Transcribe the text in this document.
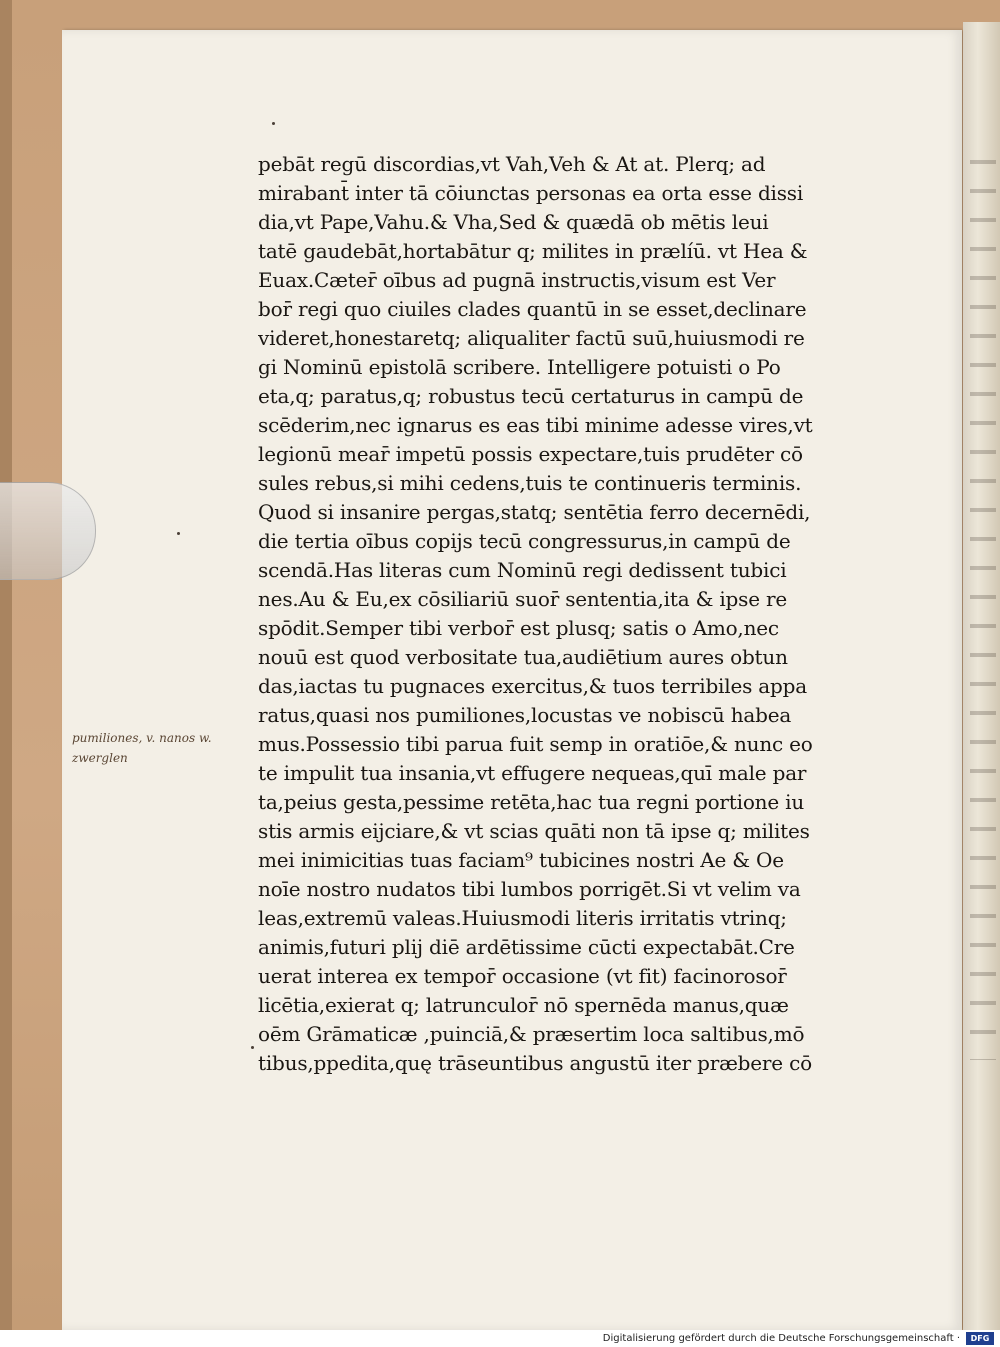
pebāt regū discordias,vt Vah,Veh & At at. Plerq; ad
mirabant̄ inter tā cōiunctas personas ea orta esse dissi
dia,vt Pape,Vahu.& Vha,Sed & quædā ob mētis leui
tatē gaudebāt,hortabātur q; milites in prælíū. vt Hea &
Euax.Cæter̄ oībus ad pugnā instructis,visum est Ver
bor̄ regi quo ciuiles clades quantū in se esset,declinare
videret,honestaretq; aliqualiter factū suū,huiusmodi re
gi Nominū epistolā scribere. Intelligere potuisti o Po
eta,q; paratus,q; robustus tecū certaturus in campū de
scēderim,nec ignarus es eas tibi minime adesse vires,vt
legionū mear̄ impetū possis expectare,tuis prudēter cō
sules rebus,si mihi cedens,tuis te continueris terminis.
Quod si insanire pergas,statq; sentētia ferro decernēdi,
die tertia oībus copijs tecū congressurus,in campū de
scendā.Has literas cum Nominū regi dedissent tubici
nes.Au & Eu,ex cōsiliariū suor̄ sententia,ita & ipse re
spōdit.Semper tibi verbor̄ est plusq; satis o Amo,nec
nouū est quod verbositate tua,audiētium aures obtun
das,iactas tu pugnaces exercitus,& tuos terribiles appa
ratus,quasi nos pumiliones,locustas ve nobiscū habea
mus.Possessio tibi parua fuit semp in oratiōe,& nunc eo
te impulit tua insania,vt effugere nequeas,quī male par
ta,peius gesta,pessime retēta,hac tua regni portione iu
stis armis eijciare,& vt scias quāti non tā ipse q; milites
mei inimicitias tuas faciam⁹ tubicines nostri Ae & Oe
noīe nostro nudatos tibi lumbos porrigēt.Si vt velim va
leas,extremū valeas.Huiusmodi literis irritatis vtrinq;
animis,futuri plij diē ardētissime cūcti expectabāt.Cre
uerat interea ex tempor̄ occasione (vt fit) facinorosor̄
licētia,exierat q; latrunculor̄ nō spernēda manus,quæ
oēm Grāmaticæ ,puinciā,& præsertim loca saltibus,mō
tibus,ppedita,quę trāseuntibus angustū iter præbere cō
pumiliones, v. nanos w.
zwerglen
Digitalisierung gefördert durch die Deutsche Forschungsgemeinschaft ·	DFG
